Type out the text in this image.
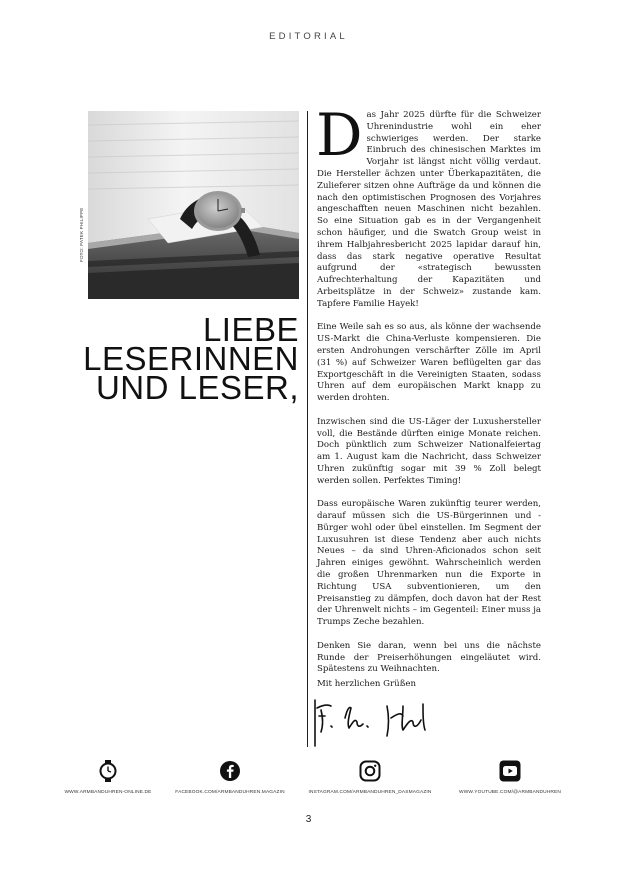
EDITORIAL
FOTO: PATEK PHILIPPE
LIEBE
LESERINNEN
UND LESER,

Das Jahr 2025 dürfte für die Schweizer Uhrenindustrie wohl ein eher schwieriges werden. Der starke Einbruch des chinesischen Marktes im Vorjahr ist längst nicht völlig verdaut. Die Hersteller ächzen unter Überkapazitäten, die Zulieferer sitzen ohne Aufträge da und können die nach den optimistischen Prognosen des Vorjahres angeschafften neuen Maschinen nicht bezahlen. So eine Situation gab es in der Vergangenheit schon häufiger, und die Swatch Group weist in ihrem Halbjahresbericht 2025 lapidar darauf hin, dass das stark negative operative Resultat aufgrund der «strategisch bewussten Aufrechterhaltung der Kapazitäten und Arbeitsplätze in der Schweiz» zustande kam. Tapfere Familie Hayek!

Eine Weile sah es so aus, als könne der wachsende US-Markt die China-Verluste kompensieren. Die ersten Androhungen verschärfter Zölle im April (31 %) auf Schweizer Waren beflügelten gar das Exportgeschäft in die Vereinigten Staaten, sodass Uhren auf dem europäischen Markt knapp zu werden drohten.

Inzwischen sind die US-Läger der Luxushersteller voll, die Bestände dürften einige Monate reichen. Doch pünktlich zum Schweizer Nationalfeiertag am 1. August kam die Nachricht, dass Schweizer Uhren zukünftig sogar mit 39 % Zoll belegt werden sollen. Perfektes Timing!

Dass europäische Waren zukünftig teurer werden, darauf müssen sich die US-Bürgerinnen und -Bürger wohl oder übel einstellen. Im Segment der Luxusuhren ist diese Tendenz aber auch nichts Neues – da sind Uhren-Aficionados schon seit Jahren einiges gewöhnt. Wahrscheinlich werden die großen Uhrenmarken nun die Exporte in Richtung USA subventionieren, um den Preisanstieg zu dämpfen, doch davon hat der Rest der Uhrenwelt nichts – im Gegenteil: Einer muss ja Trumps Zeche bezahlen.

Denken Sie daran, wenn bei uns die nächste Runde der Preiserhöhungen eingeläutet wird. Spätestens zu Weihnachten.

Mit herzlichen Grüßen
WWW.ARMBANDUHREN-ONLINE.DE	FACEBOOK.COM/ARMBANDUHREN.MAGAZIN	INSTAGRAM.COM/ARMBANDUHREN_DASMAGAZIN	WWW.YOUTUBE.COM/@ARMBANDUHREN
3
